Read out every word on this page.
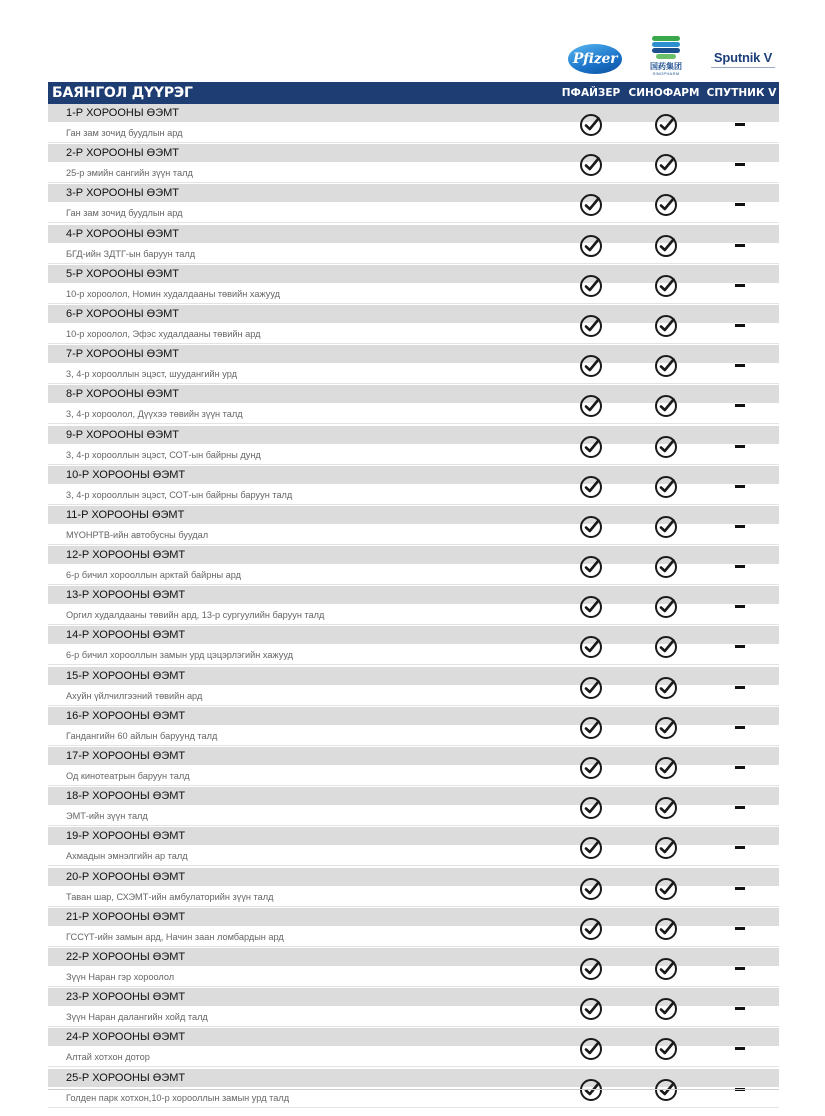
Pfizer	国药集团
SINOPHARM
Sputnik V
БАЯНГОЛ ДҮҮРЭГ	ПФАЙЗЕР СИНОФАРМ СПУТНИК V
1-Р ХОРООНЫ ӨЭМТ
Ган зам зочид буудлын ард
2-Р ХОРООНЫ ӨЭМТ
25-р эмийн сангийн зүүн талд
3-Р ХОРООНЫ ӨЭМТ
Ган зам зочид буудлын ард
4-Р ХОРООНЫ ӨЭМТ
БГД-ийн ЗДТГ-ын баруун талд
5-Р ХОРООНЫ ӨЭМТ
10-р хороолол, Номин худалдааны төвийн хажууд
6-Р ХОРООНЫ ӨЭМТ
10-р хороолол, Эфэс худалдааны төвийн ард
7-Р ХОРООНЫ ӨЭМТ
3, 4-р хорооллын эцэст, шуудангийн урд
8-Р ХОРООНЫ ӨЭМТ
3, 4-р хороолол, Дүүхээ төвийн зүүн талд
9-Р ХОРООНЫ ӨЭМТ
3, 4-р хорооллын эцэст, СОТ-ын байрны дунд
10-Р ХОРООНЫ ӨЭМТ
3, 4-р хорооллын эцэст, СОТ-ын байрны баруун талд
11-Р ХОРООНЫ ӨЭМТ
МҮОНРТВ-ийн автобусны буудал
12-Р ХОРООНЫ ӨЭМТ
6-р бичил хорооллын арктай байрны ард
13-Р ХОРООНЫ ӨЭМТ
Оргил худалдааны төвийн ард, 13-р сургуулийн баруун талд
14-Р ХОРООНЫ ӨЭМТ
6-р бичил хорооллын замын урд цэцэрлэгийн хажууд
15-Р ХОРООНЫ ӨЭМТ
Ахуйн үйлчилгээний төвийн ард
16-Р ХОРООНЫ ӨЭМТ
Гандангийн 60 айлын баруунд талд
17-Р ХОРООНЫ ӨЭМТ
Од кинотеатрын баруун талд
18-Р ХОРООНЫ ӨЭМТ
ЭМТ-ийн зүүн талд
19-Р ХОРООНЫ ӨЭМТ
Ахмадын эмнэлгийн ар талд
20-Р ХОРООНЫ ӨЭМТ
Таван шар, СХЭМТ-ийн амбулаторийн зүүн талд
21-Р ХОРООНЫ ӨЭМТ
ГССҮТ-ийн замын ард, Начин заан ломбардын ард
22-Р ХОРООНЫ ӨЭМТ
Зүүн Наран гэр хороолол
23-Р ХОРООНЫ ӨЭМТ
Зүүн Наран далангийн хойд талд
24-Р ХОРООНЫ ӨЭМТ
Алтай хотхон дотор
25-Р ХОРООНЫ ӨЭМТ
Голден парк хотхон,10-р хорооллын замын урд талд
